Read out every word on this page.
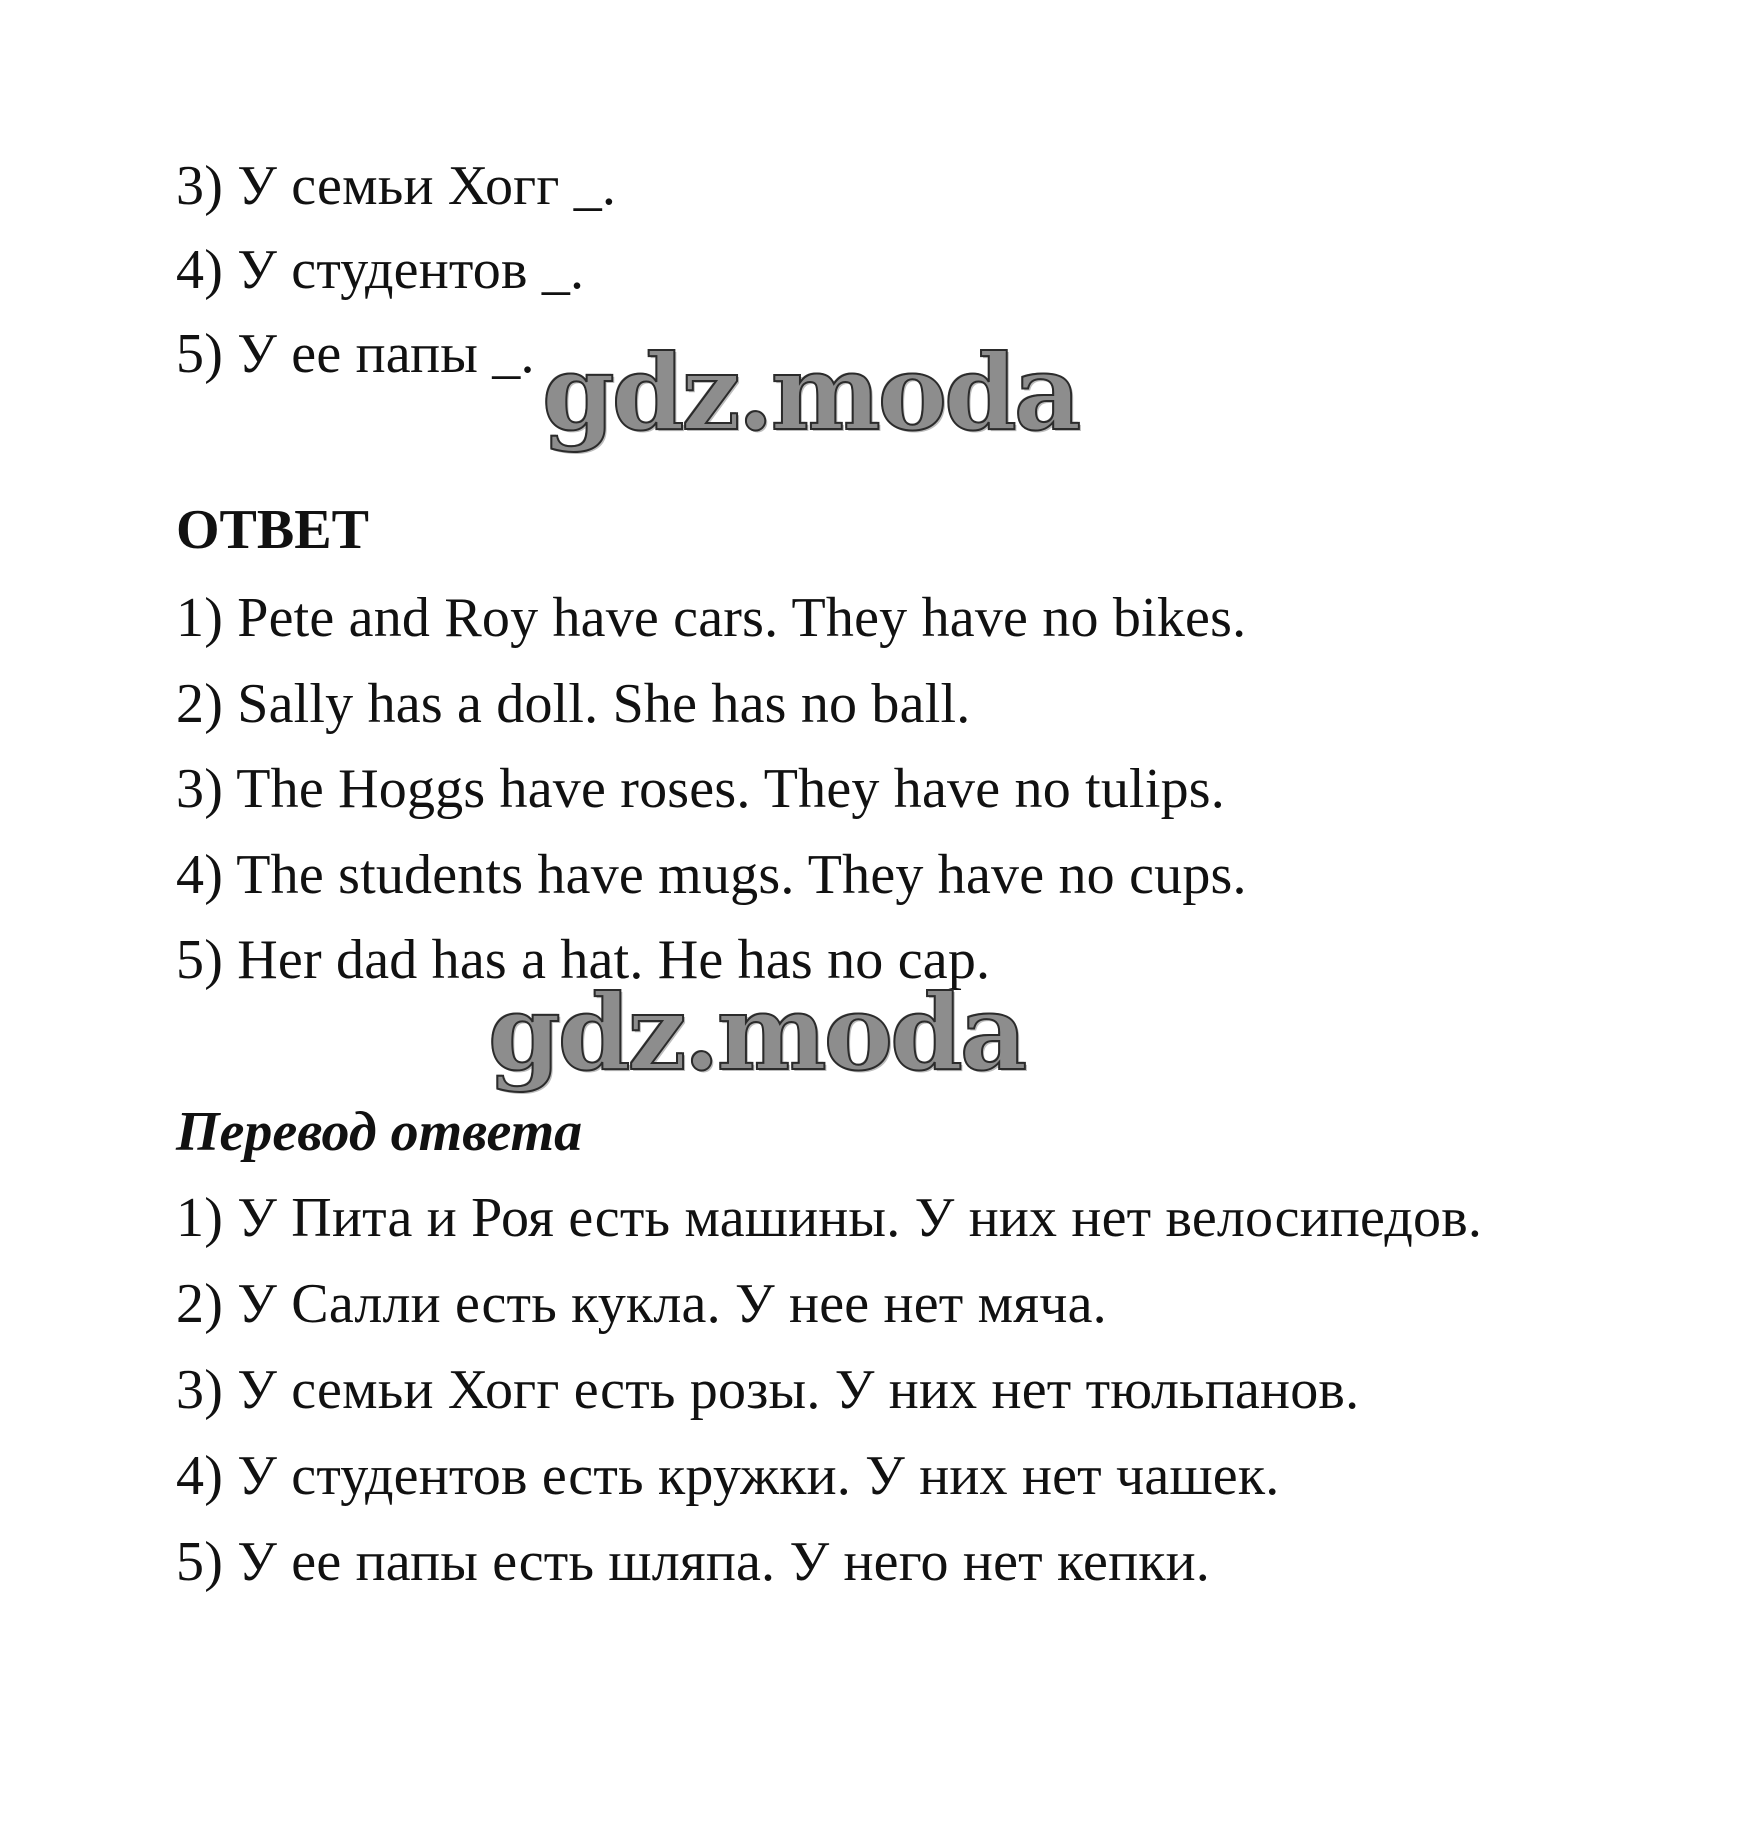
3) У семьи Хогг _.
4) У студентов _.
5) У ее папы _. gdz.moda
ОТВЕТ
1) Pete and Roy have cars. They have no bikes.
2) Sally has a doll. She has no ball.
3) The Hoggs have roses. They have no tulips.
4) The students have mugs. They have no cups.
5) Her dad has a hat. He has no cap.
gdz.moda
Перевод ответа
1) У Пита и Роя есть машины. У них нет велосипедов.
2) У Салли есть кукла. У нее нет мяча.
3) У семьи Хогг есть розы. У них нет тюльпанов.
4) У студентов есть кружки. У них нет чашек.
5) У ее папы есть шляпа. У него нет кепки.
